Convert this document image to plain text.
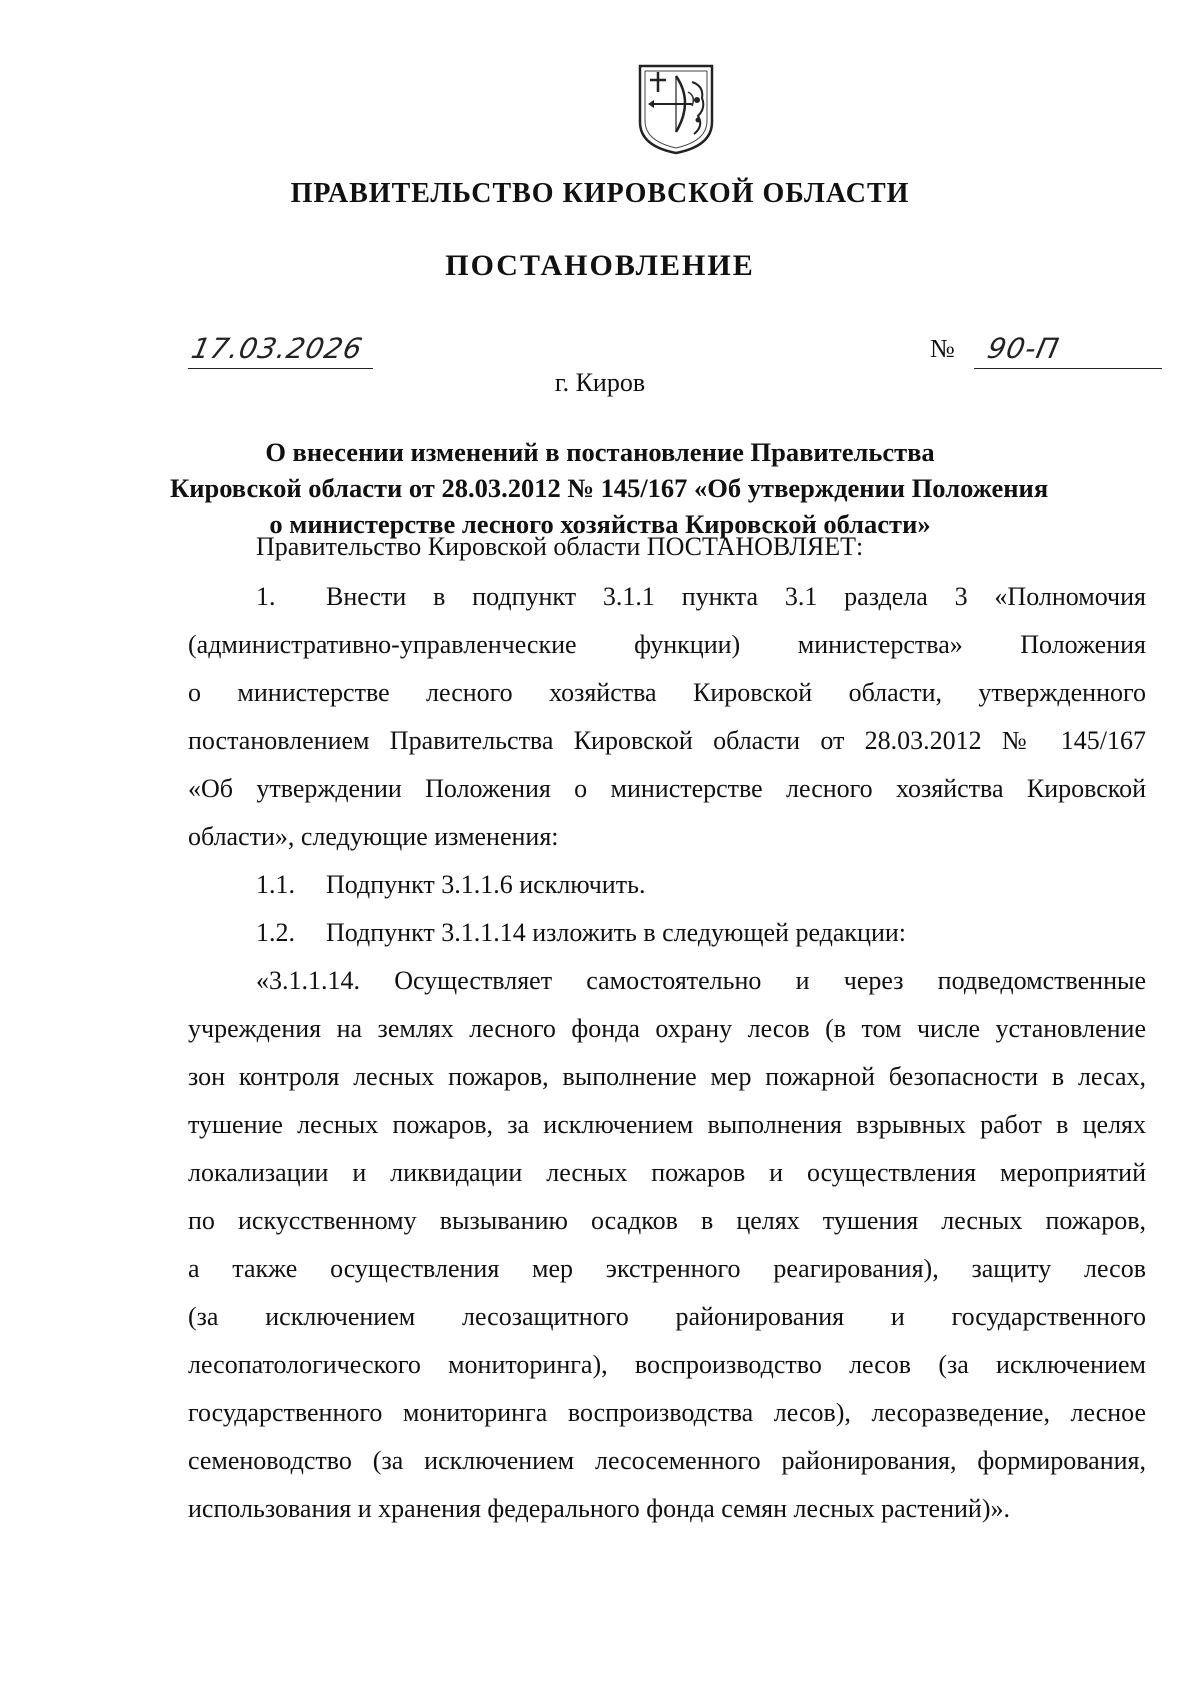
ПРАВИТЕЛЬСТВО КИРОВСКОЙ ОБЛАСТИ
ПОСТАНОВЛЕНИЕ
17.03.2026	№ 90-П
г. Киров
О внесении изменений в постановление Правительства
Кировской области от 28.03.2012 № 145/167 «Об утверждении Положения
о министерстве лесного хозяйства Кировской области»
Правительство Кировской области ПОСТАНОВЛЯЕТ:
1. Внести в подпункт 3.1.1 пункта 3.1 раздела 3 «Полномочия
(административно-управленческие функции) министерства» Положения
о министерстве лесного хозяйства Кировской области, утвержденного
постановлением Правительства Кировской области от 28.03.2012 № 145/167
«Об утверждении Положения о министерстве лесного хозяйства Кировской
области», следующие изменения:
1.1. Подпункт 3.1.1.6 исключить.
1.2. Подпункт 3.1.1.14 изложить в следующей редакции:
«3.1.1.14. Осуществляет самостоятельно и через подведомственные
учреждения на землях лесного фонда охрану лесов (в том числе установление
зон контроля лесных пожаров, выполнение мер пожарной безопасности в лесах,
тушение лесных пожаров, за исключением выполнения взрывных работ в целях
локализации и ликвидации лесных пожаров и осуществления мероприятий
по искусственному вызыванию осадков в целях тушения лесных пожаров,
а также осуществления мер экстренного реагирования), защиту лесов
(за исключением лесозащитного районирования и государственного
лесопатологического мониторинга), воспроизводство лесов (за исключением
государственного мониторинга воспроизводства лесов), лесоразведение, лесное
семеноводство (за исключением лесосеменного районирования, формирования,
использования и хранения федерального фонда семян лесных растений)».
